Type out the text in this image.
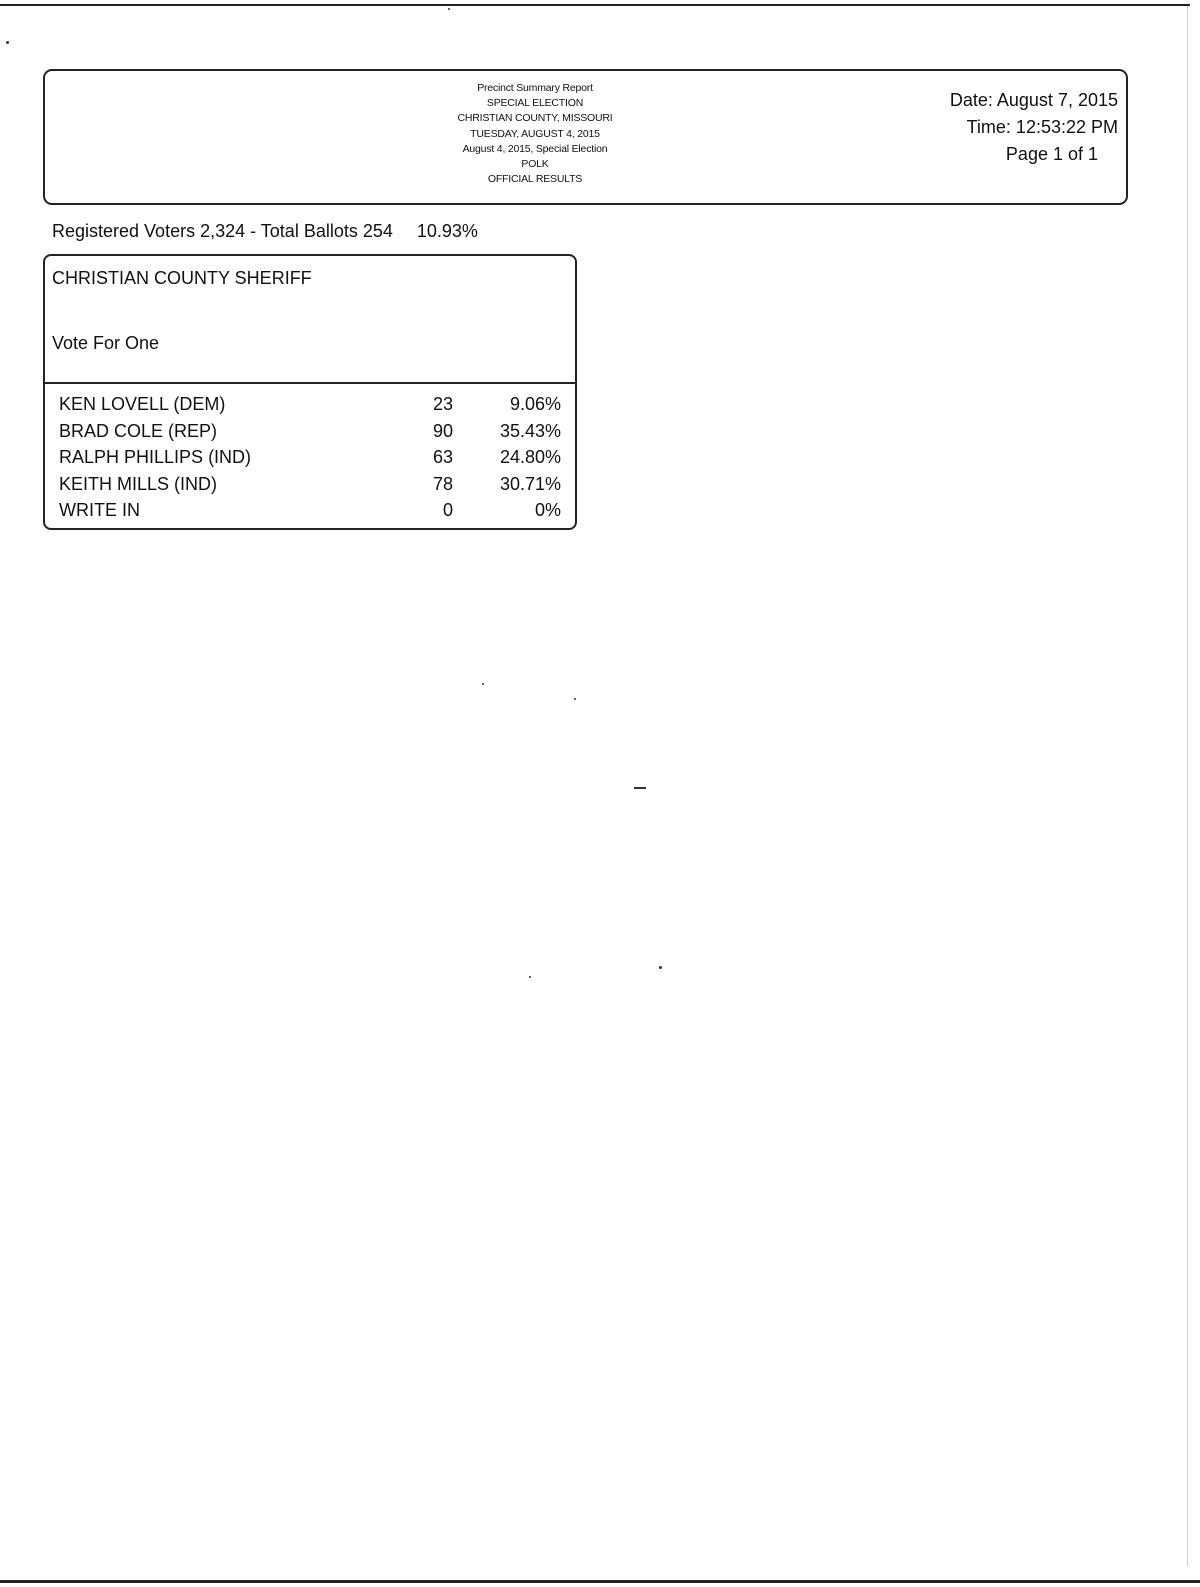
Precinct Summary Report
SPECIAL ELECTION
CHRISTIAN COUNTY, MISSOURI
TUESDAY, AUGUST 4, 2015
August 4, 2015, Special Election
POLK
OFFICIAL RESULTS
Date: August 7, 2015
Time: 12:53:22 PM
Page 1 of 1
Registered Voters 2,324 - Total Ballots 254 10.93%
CHRISTIAN COUNTY SHERIFF
Vote For One
KEN LOVELL (DEM)	23	9.06%
BRAD COLE (REP)	90	35.43%
RALPH PHILLIPS (IND)	63	24.80%
KEITH MILLS (IND)	78	30.71%
WRITE IN	0	0%
